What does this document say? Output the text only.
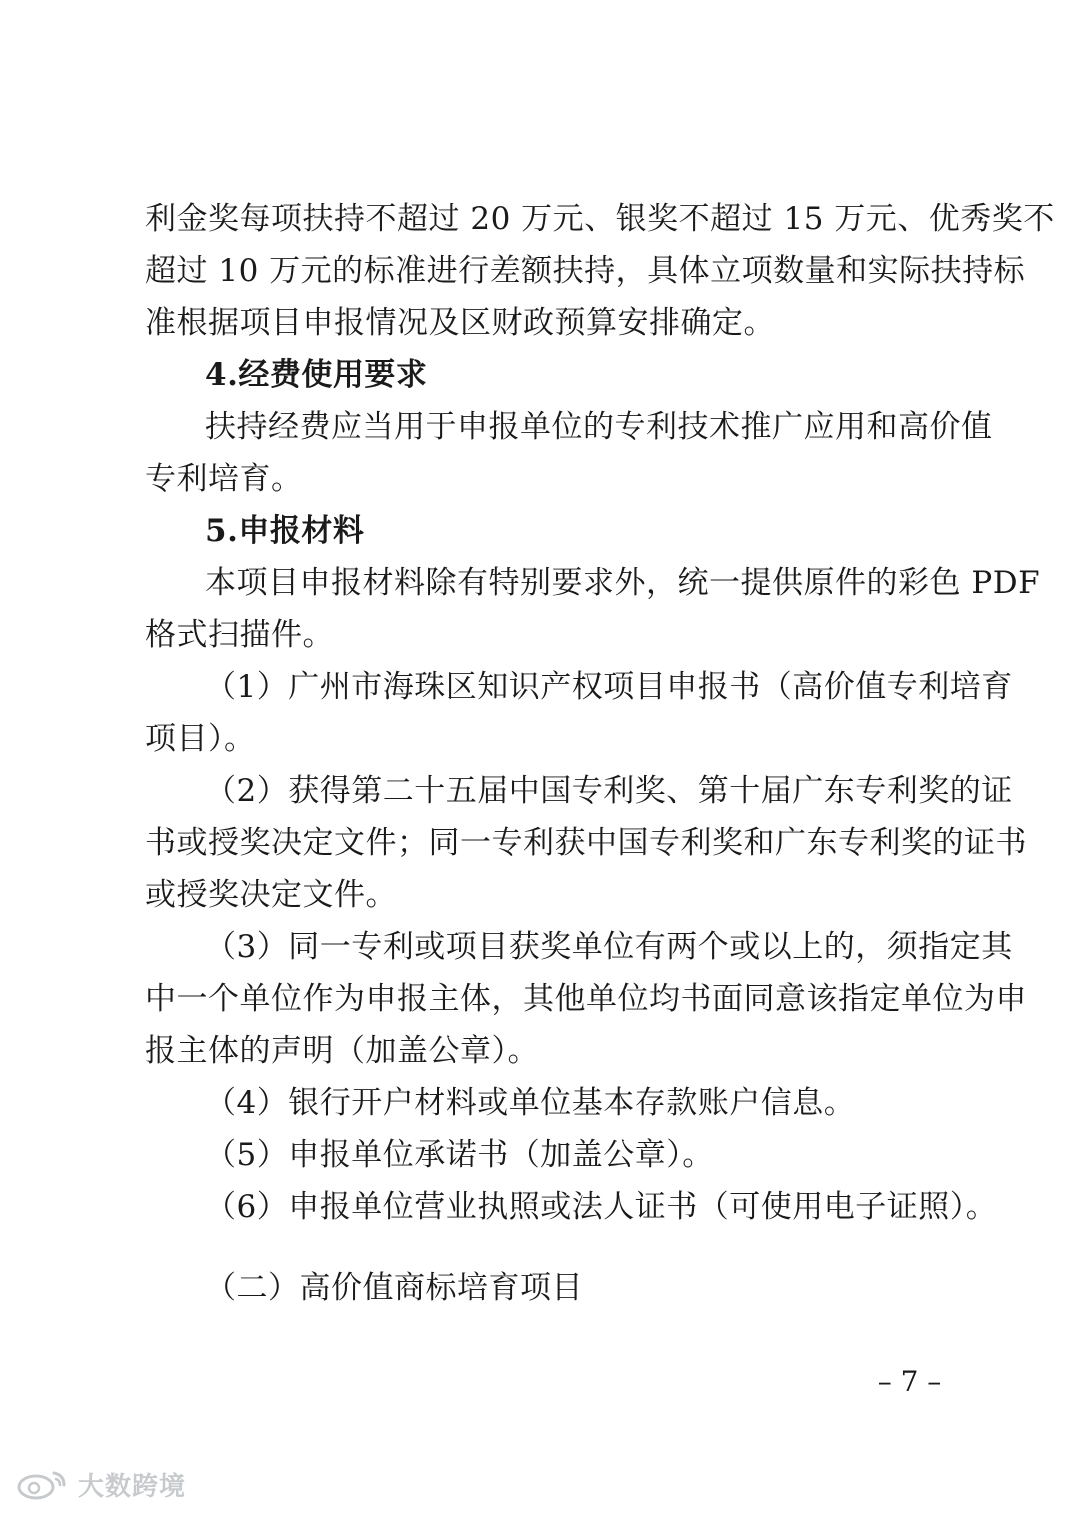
利金奖每项扶持不超过 20 万元、银奖不超过 15 万元、优秀奖不
超过 10 万元的标准进行差额扶持，具体立项数量和实际扶持标
准根据项目申报情况及区财政预算安排确定。
4.经费使用要求
扶持经费应当用于申报单位的专利技术推广应用和高价值
专利培育。
5.申报材料
本项目申报材料除有特别要求外，统一提供原件的彩色 PDF
格式扫描件。
（1）广州市海珠区知识产权项目申报书（高价值专利培育
项目）。
（2）获得第二十五届中国专利奖、第十届广东专利奖的证
书或授奖决定文件；同一专利获中国专利奖和广东专利奖的证书
或授奖决定文件。
（3）同一专利或项目获奖单位有两个或以上的，须指定其
中一个单位作为申报主体，其他单位均书面同意该指定单位为申
报主体的声明（加盖公章）。
（4）银行开户材料或单位基本存款账户信息。
（5）申报单位承诺书（加盖公章）。
（6）申报单位营业执照或法人证书（可使用电子证照）。
（二）高价值商标培育项目
– 7 –
大数跨境
